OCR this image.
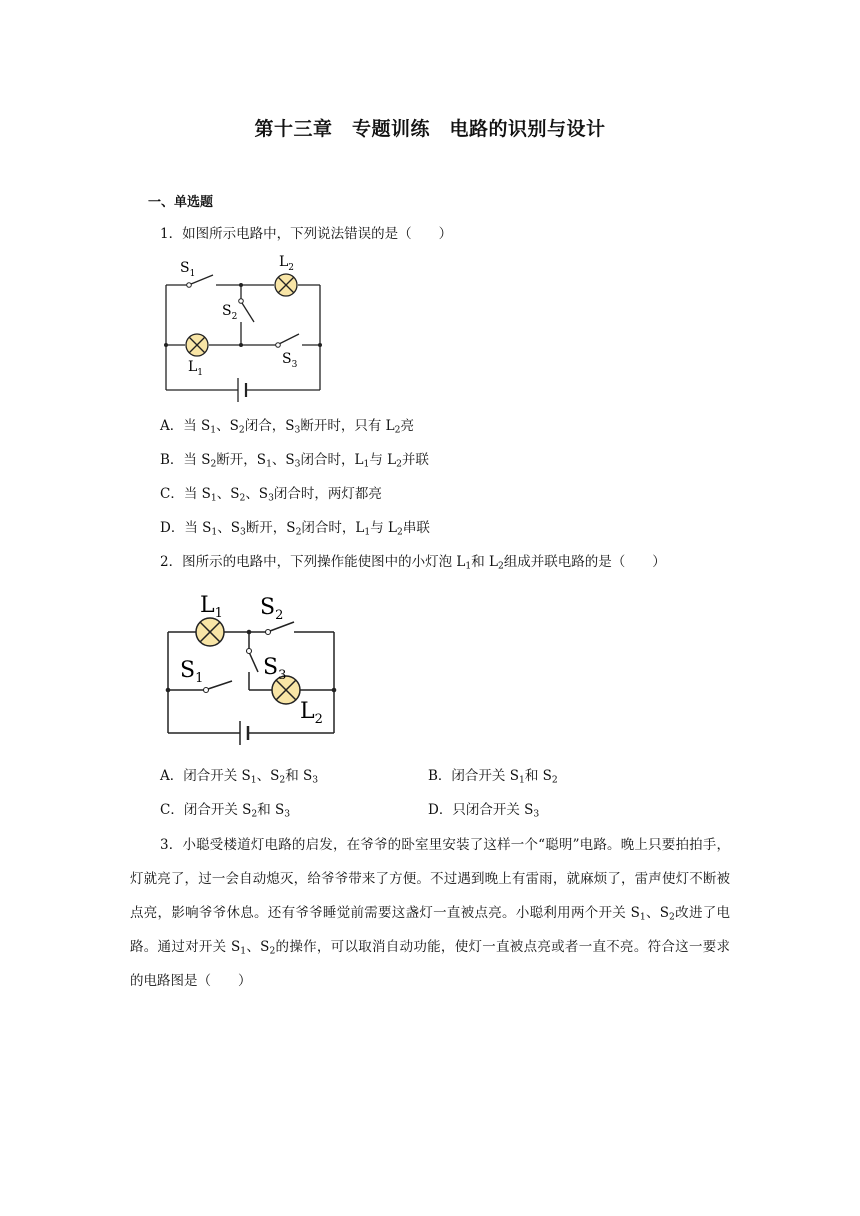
第十三章　专题训练　电路的识别与设计
一、单选题
1．如图所示电路中，下列说法错误的是（　　）
$S_1$
$L_2$
$S_2$
$S_3$
$L_1$
A．当 $S_1$、$S_2$闭合，$S_3$断开时，只有 $L_2$亮
B．当 $S_2$断开，$S_1$、$S_3$闭合时，$L_1$与 $L_2$并联
C．当 $S_1$、$S_2$、$S_3$闭合时，两灯都亮
D．当 $S_1$、$S_3$断开，$S_2$闭合时，$L_1$与 $L_2$串联
2．图所示的电路中，下列操作能使图中的小灯泡 $L_1$和 $L_2$组成并联电路的是（　　）
$L_1$ $S_2$
$S_1$	$S_3$
$L_2$
A．闭合开关 $S_1$、$S_2$和 $S_3$	B．闭合开关 $S_1$和 $S_2$
C．闭合开关 $S_2$和 $S_3$	D．只闭合开关 $S_3$
3．小聪受楼道灯电路的启发，在爷爷的卧室里安装了这样一个“聪明”电路。晚上只要拍拍手，灯就亮了，过一会自动熄灭，给爷爷带来了方便。不过遇到晚上有雷雨，就麻烦了，雷声使灯不断被点亮，影响爷爷休息。还有爷爷睡觉前需要这盏灯一直被点亮。小聪利用两个开关 $S_1$、$S_2$改进了电路。通过对开关 $S_1$、$S_2$的操作，可以取消自动功能，使灯一直被点亮或者一直不亮。符合这一要求的电路图是（　　）
